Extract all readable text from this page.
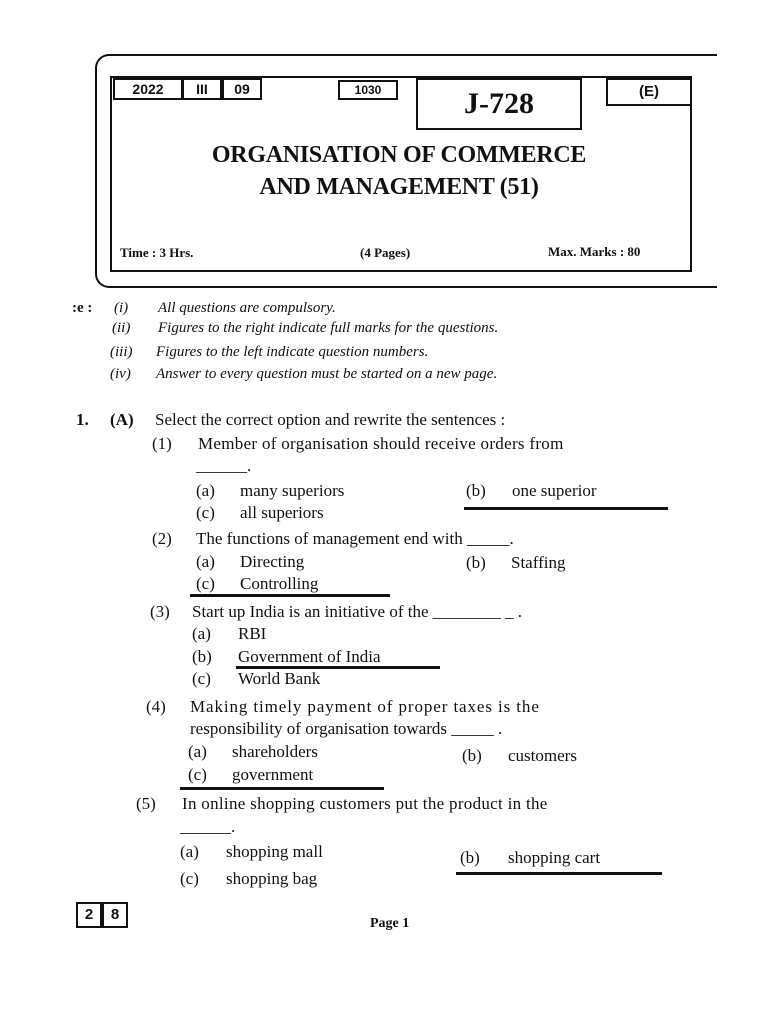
2022	III	09	1030	J-728	(E)
ORGANISATION OF COMMERCE
AND MANAGEMENT (51)
Time : 3 Hrs.	(4 Pages)	Max. Marks : 80
:e : (i) All questions are compulsory.
(ii) Figures to the right indicate full marks for the questions.
(iii) Figures to the left indicate question numbers.
(iv) Answer to every question must be started on a new page.
1. (A) Select the correct option and rewrite the sentences :
(1) Member of organisation should receive orders from
______.
(a) many superiors	(b) one superior
(c) all superiors
(2) The functions of management end with _____.
(a) Directing	(b) Staffing
(c) Controlling
(3) Start up India is an initiative of the ________ _ .
(a) RBI
(b) Government of India
(c) World Bank
(4) Making timely payment of proper taxes is the
responsibility of organisation towards _____ .
(a) shareholders	(b) customers
(c) government
(5) In online shopping customers put the product in the
______.
(a) shopping mall	(b) shopping cart
(c) shopping bag
2	8
Page 1
